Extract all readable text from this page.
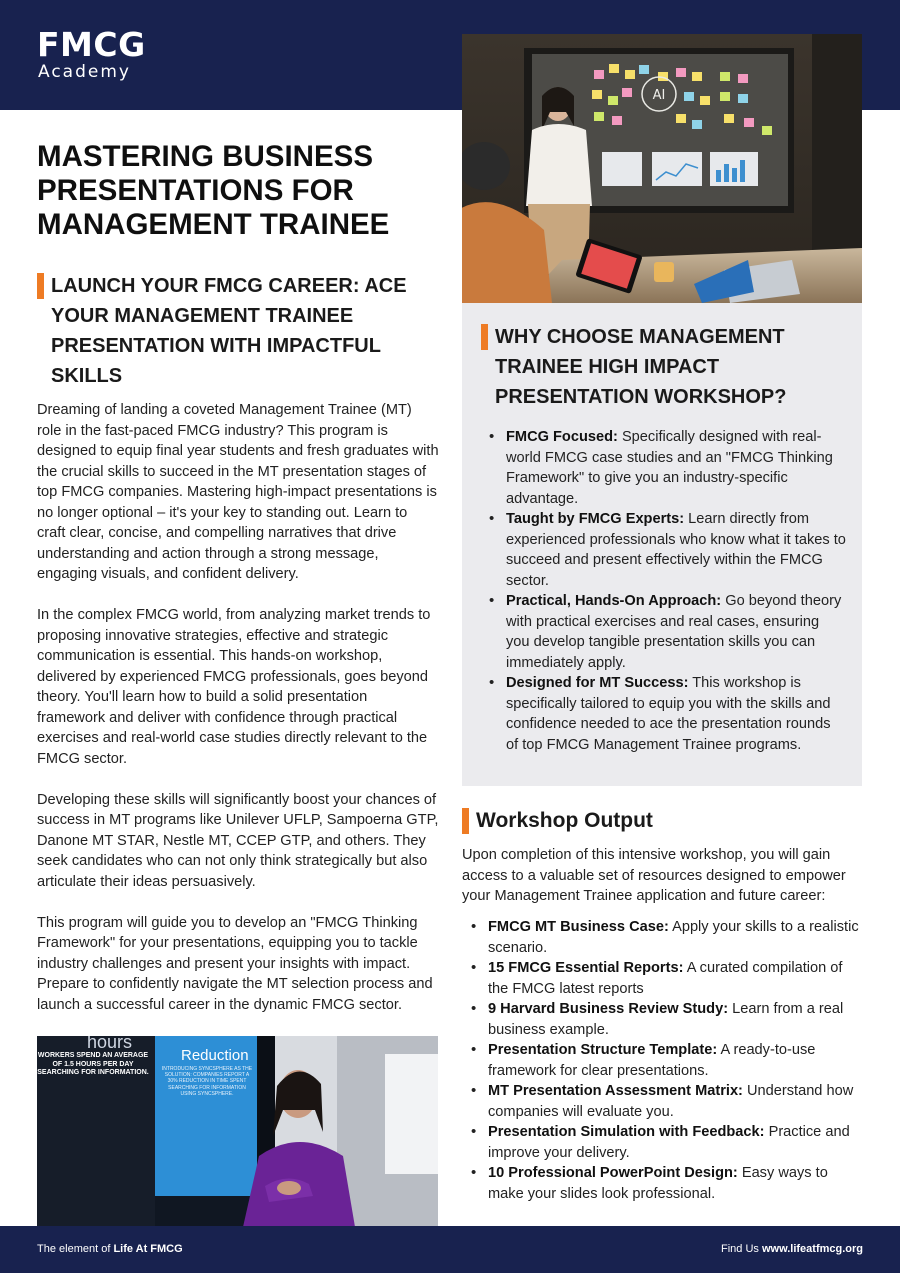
FMCG
Academy
MASTERING BUSINESS PRESENTATIONS FOR MANAGEMENT TRAINEE
LAUNCH YOUR FMCG CAREER: ACE YOUR MANAGEMENT TRAINEE PRESENTATION WITH IMPACTFUL SKILLS

Dreaming of landing a coveted Management Trainee (MT) role in the fast-paced FMCG industry? This program is designed to equip final year students and fresh graduates with the crucial skills to succeed in the MT presentation stages of top FMCG companies. Mastering high-impact presentations is no longer optional – it's your key to standing out. Learn to craft clear, concise, and compelling narratives that drive understanding and action through a strong message, engaging visuals, and confident delivery.

In the complex FMCG world, from analyzing market trends to proposing innovative strategies, effective and strategic communication is essential. This hands-on workshop, delivered by experienced FMCG professionals, goes beyond theory. You'll learn how to build a solid presentation framework and deliver with confidence through practical exercises and real-world case studies directly relevant to the FMCG sector.

Developing these skills will significantly boost your chances of success in MT programs like Unilever UFLP, Sampoerna GTP, Danone MT STAR, Nestle MT, CCEP GTP, and others. They seek candidates who can not only think strategically but also articulate their ideas persuasively.

This program will guide you to develop an "FMCG Thinking Framework" for your presentations, equipping you to tackle industry challenges and present your insights with impact. Prepare to confidently navigate the MT selection process and launch a successful career in the dynamic FMCG sector.

AI
WHY CHOOSE MANAGEMENT TRAINEE HIGH IMPACT PRESENTATION WORKSHOP?
• FMCG Focused: Specifically designed with real-world FMCG case studies and an "FMCG Thinking Framework" to give you an industry-specific advantage.
• Taught by FMCG Experts: Learn directly from experienced professionals who know what it takes to succeed and present effectively within the FMCG sector.
• Practical, Hands-On Approach: Go beyond theory with practical exercises and real cases, ensuring you develop tangible presentation skills you can immediately apply.
• Designed for MT Success: This workshop is specifically tailored to equip you with the skills and confidence needed to ace the presentation rounds of top FMCG Management Trainee programs.
Workshop Output

Upon completion of this intensive workshop, you will gain access to a valuable set of resources designed to empower your Management Trainee application and future career:

• FMCG MT Business Case: Apply your skills to a realistic scenario.
• 15 FMCG Essential Reports: A curated compilation of the FMCG latest reports
• 9 Harvard Business Review Study: Learn from a real business example.
• Presentation Structure Template: A ready-to-use framework for clear presentations.
• MT Presentation Assessment Matrix: Understand how companies will evaluate you.
• Presentation Simulation with Feedback: Practice and improve your delivery.
• 10 Professional PowerPoint Design: Easy ways to make your slides look professional.
hours
WORKERS SPEND AN AVERAGE OF 1.5 HOURS PER DAY SEARCHING FOR INFORMATION.
Reduction
INTRODUCING SYNCSPHERE AS THE SOLUTION: COMPANIES REPORT A 30% REDUCTION IN TIME SPENT SEARCHING FOR INFORMATION USING SYNCSPHERE.
The element of Life At FMCG	Find Us www.lifeatfmcg.org
